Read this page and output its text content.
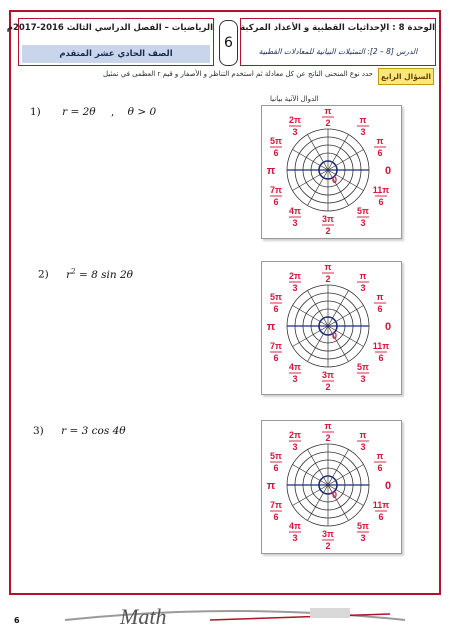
الرياضيات – الفصل الدراسي الثالث 2016-2017م
الصف الحادي عشر المتقدم
6
الوحدة 8 : الإحداثيات القطبية و الأعداد المركبة
الدرس [8 – 2]: التمثيلات البيانية للمعادلات القطبية
السؤال الرابع
حدد نوع المنحنى الناتج عن كل معادلة ثم استخدم التناظر و الأصفار و قيم r العظمى في تمثيل
الدوال الآتية بيانيا
1) r = 2θ , θ > 0
2) $r^2 = 8$ sin 2θ
3) r = 3 cos 4θ
0
0
π
π
2	π
3
π
6
2π
3
5π
6
7π
6
4π
3	3π
2
5π
3
11π
6
0
0
π
π
2	π
3
π
6
2π
3
5π
6
7π
6
4π
3	3π
2
5π
3
11π
6
0
0
π
π
2	π
3
π
6
2π
3
5π
6
7π
6
4π
3	3π
2
5π
3
11π
6
6	Math
